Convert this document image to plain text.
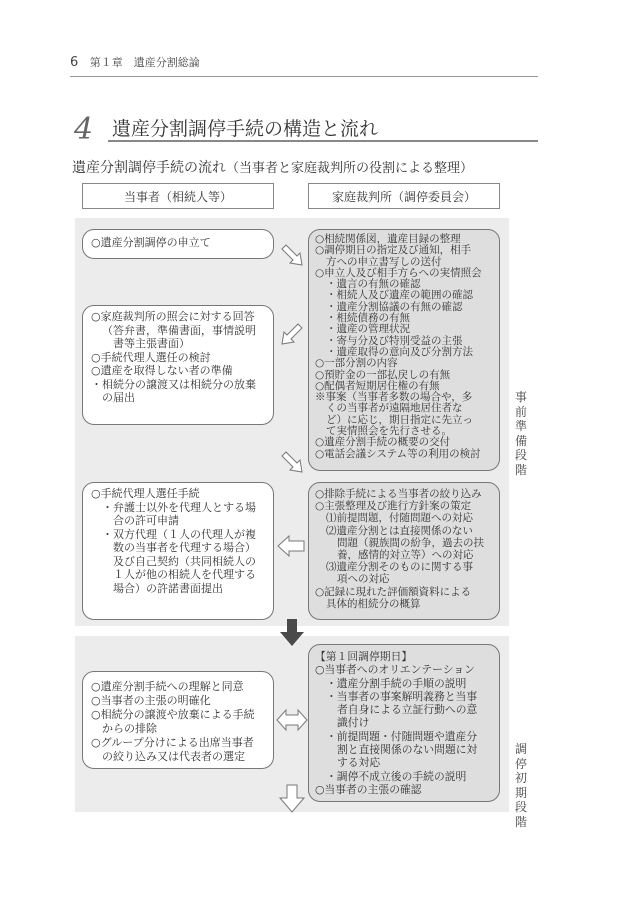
6 第１章　遺産分割総論
4 遺産分割調停手続の構造と流れ
遺産分割調停手続の流れ（当事者と家庭裁判所の役割による整理）
当事者（相続人等）	家庭裁判所（調停委員会）
○遺産分割調停の申立て
○家庭裁判所の照会に対する回答
（答弁書，準備書面，事情説明
書等主張書面）
○手続代理人選任の検討
○遺産を取得しない者の準備
・相続分の譲渡又は相続分の放棄
の届出
○手続代理人選任手続
・弁護士以外を代理人とする場
合の許可申請
・双方代理（１人の代理人が複
数の当事者を代理する場合）
及び自己契約（共同相続人の
１人が他の相続人を代理する
場合）の許諾書面提出
○相続関係図，遺産目録の整理
○調停期日の指定及び通知，相手
方への申立書写しの送付
○申立人及び相手方らへの実情照会
・遺言の有無の確認
・相続人及び遺産の範囲の確認
・遺産分割協議の有無の確認
・相続債務の有無
・遺産の管理状況
・寄与分及び特別受益の主張
・遺産取得の意向及び分割方法
○一部分割の内容
○預貯金の一部払戻しの有無
○配偶者短期居住権の有無
※事案（当事者多数の場合や，多
くの当事者が遠隔地居住者な
ど）に応じ，期日指定に先立っ
て実情照会を先行させる。
○遺産分割手続の概要の交付
○電話会議システム等の利用の検討
○排除手続による当事者の絞り込み
○主張整理及び進行方針案の策定
⑴前提問題，付随問題への対応
⑵遺産分割とは直接関係のない
問題（親族間の紛争，過去の扶
養，感情的対立等）への対応
⑶遺産分割そのものに関する事
項への対応
○記録に現れた評価額資料による
具体的相続分の概算
○遺産分割手続への理解と同意
○当事者の主張の明確化
○相続分の譲渡や放棄による手続
からの排除
○グループ分けによる出席当事者
の絞り込み又は代表者の選定
【第１回調停期日】
○当事者へのオリエンテーション
・遺産分割手続の手順の説明
・当事者の事案解明義務と当事
者自身による立証行動への意
識付け
・前提問題・付随問題や遺産分
割と直接関係のない問題に対
する対応
・調停不成立後の手続の説明
○当事者の主張の確認
事前準備段階
調停初期段階
